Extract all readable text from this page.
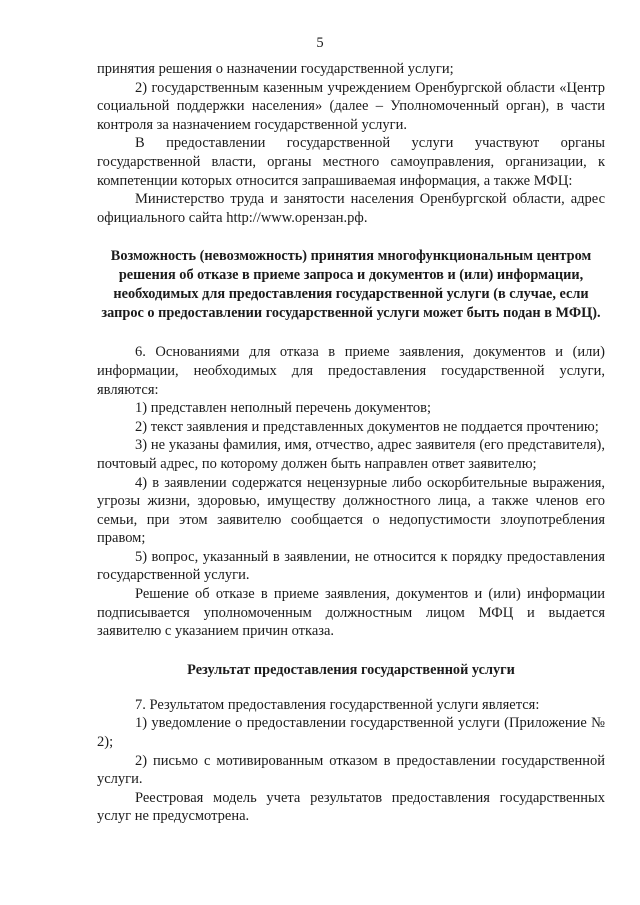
5

принятия решения о назначении государственной услуги;

2) государственным казенным учреждением Оренбургской области «Центр социальной поддержки населения» (далее – Уполномоченный орган), в части контроля за назначением государственной услуги.

В предоставлении государственной услуги участвуют органы государственной власти, органы местного самоуправления, организации, к компетенции которых относится запрашиваемая информация, а также МФЦ:

Министерство труда и занятости населения Оренбургской области, адрес официального сайта http://www.орензан.рф.

Возможность (невозможность) принятия многофункциональным центром решения об отказе в приеме запроса и документов и (или) информации, необходимых для предоставления государственной услуги (в случае, если запрос о предоставлении государственной услуги может быть подан в МФЦ).

6. Основаниями для отказа в приеме заявления, документов и (или) информации, необходимых для предоставления государственной услуги, являются:

1) представлен неполный перечень документов;

2) текст заявления и представленных документов не поддается прочтению;

3) не указаны фамилия, имя, отчество, адрес заявителя (его представителя), почтовый адрес, по которому должен быть направлен ответ заявителю;

4) в заявлении содержатся нецензурные либо оскорбительные выражения, угрозы жизни, здоровью, имуществу должностного лица, а также членов его семьи, при этом заявителю сообщается о недопустимости злоупотребления правом;

5) вопрос, указанный в заявлении, не относится к порядку предоставления государственной услуги.

Решение об отказе в приеме заявления, документов и (или) информации подписывается уполномоченным должностным лицом МФЦ и выдается заявителю с указанием причин отказа.

Результат предоставления государственной услуги

7. Результатом предоставления государственной услуги является:

1) уведомление о предоставлении государственной услуги (Приложение № 2);

2) письмо с мотивированным отказом в предоставлении государственной услуги.

Реестровая модель учета результатов предоставления государственных услуг не предусмотрена.
